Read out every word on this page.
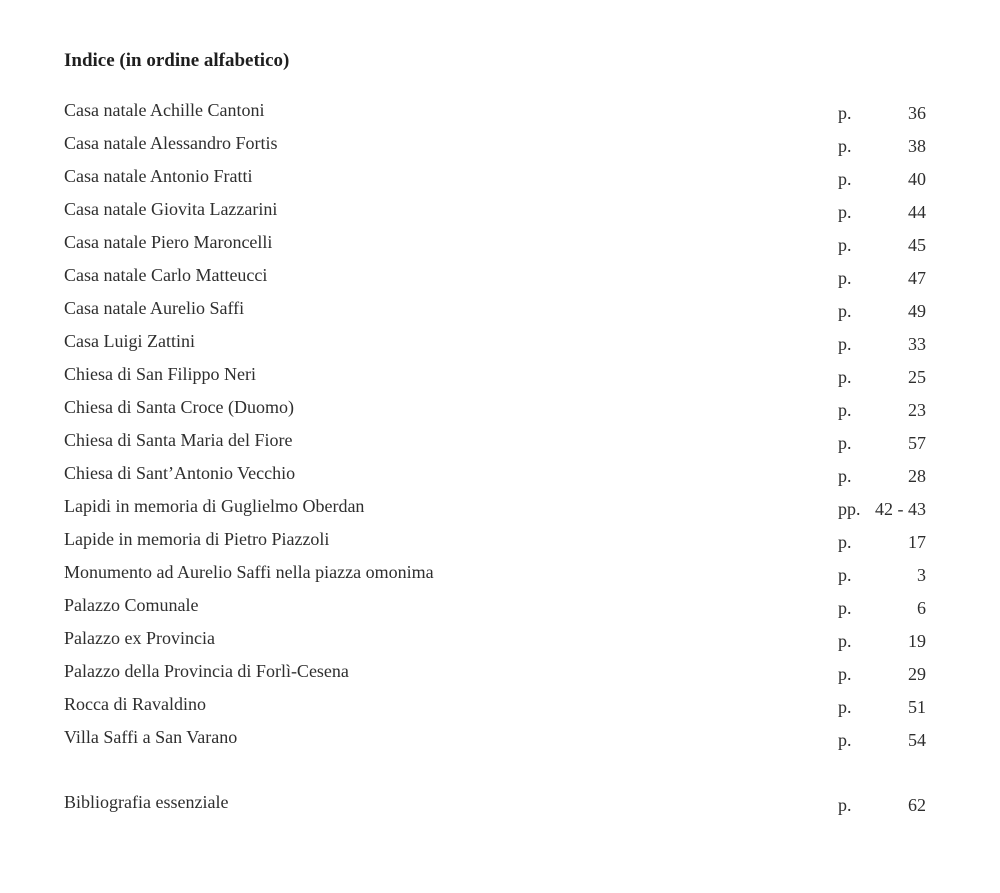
Indice (in ordine alfabetico)
Casa natale Achille Cantoni	p.	36
Casa natale Alessandro Fortis	p.	38
Casa natale Antonio Fratti	p.	40
Casa natale Giovita Lazzarini	p.	44
Casa natale Piero Maroncelli	p.	45
Casa natale Carlo Matteucci	p.	47
Casa natale Aurelio Saffi	p.	49
Casa Luigi Zattini	p.	33
Chiesa di San Filippo Neri	p.	25
Chiesa di Santa Croce (Duomo)	p.	23
Chiesa di Santa Maria del Fiore	p.	57
Chiesa di Sant’Antonio Vecchio	p.	28
Lapidi in memoria di Guglielmo Oberdan	pp. 42 - 43
Lapide in memoria di Pietro Piazzoli	p.	17
Monumento ad Aurelio Saffi nella piazza omonima	p.	3
Palazzo Comunale	p.	6
Palazzo ex Provincia	p.	19
Palazzo della Provincia di Forlì-Cesena	p.	29
Rocca di Ravaldino	p.	51
Villa Saffi a San Varano	p.	54
Bibliografia essenziale	p.	62
